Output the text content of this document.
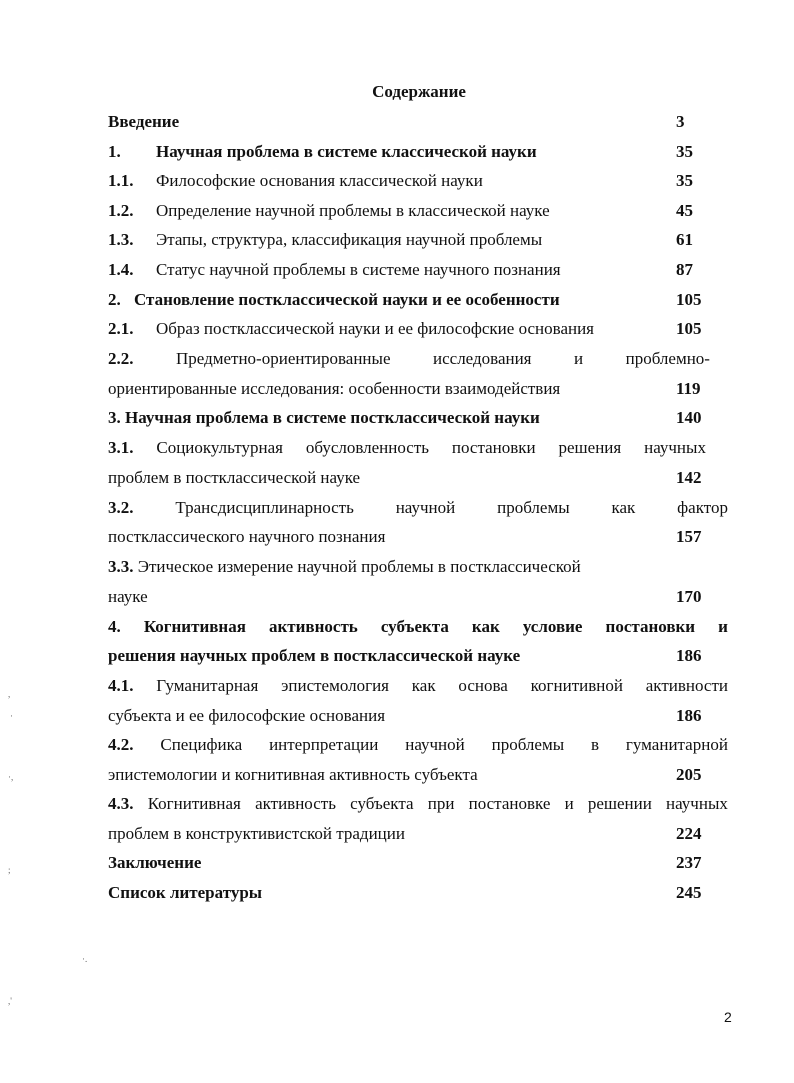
Содержание
Введение	3
1. Научная проблема в системе классической науки	35
1.1. Философские основания классической науки	35
1.2. Определение научной проблемы в классической науке	45
1.3. Этапы, структура, классификация научной проблемы	61
1.4. Статус научной проблемы в системе научного познания	87
2. Становление постклассической науки и ее особенности	105
2.1. Образ постклассической науки и ее философские основания	105
2.2. Предметно-ориентированные исследования и проблемно-
ориентированные исследования: особенности взаимодействия	119
3. Научная проблема в системе постклассической науки	140
3.1. Социокультурная обусловленность постановки решения научных
проблем в постклассической науке	142
3.2. Трансдисциплинарность научной проблемы как фактор
постклассического научного познания	157
3.3. Этическое измерение научной проблемы в постклассической
науке	170
4. Когнитивная активность субъекта как условие постановки и
решения научных проблем в постклассической науке	186
4.1. Гуманитарная эпистемология как основа когнитивной активности
субъекта и ее философские основания	186
4.2. Специфика интерпретации научной проблемы в гуманитарной
эпистемологии и когнитивная активность субъекта	205
4.3. Когнитивная активность субъекта при постановке и решении научных
проблем в конструктивистской традиции	224
Заключение	237
Список литературы	245
2
,
·
·,
;
·.
,'
